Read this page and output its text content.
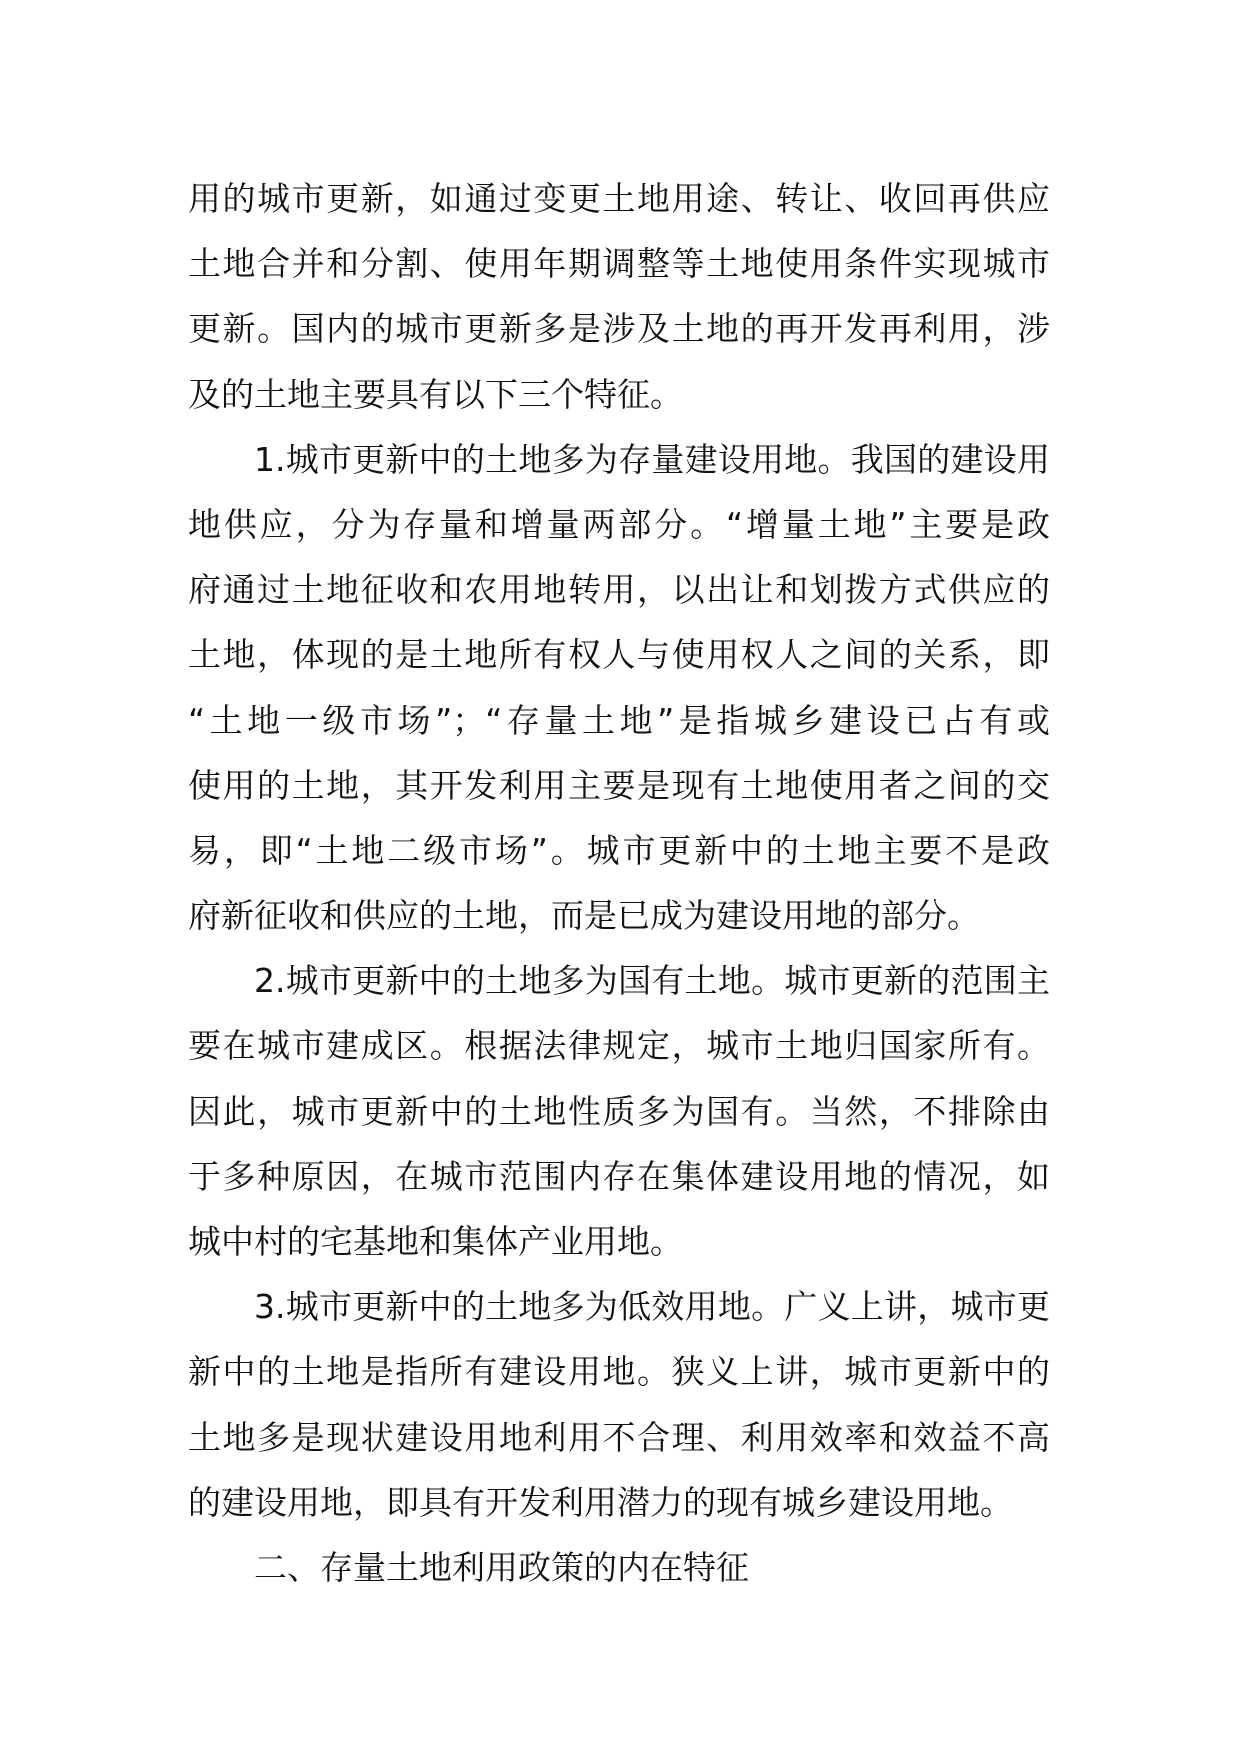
用的城市更新，如通过变更土地用途、转让、收回再供应
土地合并和分割、使用年期调整等土地使用条件实现城市
更新。国内的城市更新多是涉及土地的再开发再利用，涉
及的土地主要具有以下三个特征。
1.城市更新中的土地多为存量建设用地。我国的建设用
地供应，分为存量和增量两部分。“增量土地”主要是政
府通过土地征收和农用地转用，以出让和划拨方式供应的
土地，体现的是土地所有权人与使用权人之间的关系，即
“土地一级市场”；“存量土地”是指城乡建设已占有或
使用的土地，其开发利用主要是现有土地使用者之间的交
易，即“土地二级市场”。城市更新中的土地主要不是政
府新征收和供应的土地，而是已成为建设用地的部分。
2.城市更新中的土地多为国有土地。城市更新的范围主
要在城市建成区。根据法律规定，城市土地归国家所有。
因此，城市更新中的土地性质多为国有。当然，不排除由
于多种原因，在城市范围内存在集体建设用地的情况，如
城中村的宅基地和集体产业用地。
3.城市更新中的土地多为低效用地。广义上讲，城市更
新中的土地是指所有建设用地。狭义上讲，城市更新中的
土地多是现状建设用地利用不合理、利用效率和效益不高
的建设用地，即具有开发利用潜力的现有城乡建设用地。
二、存量土地利用政策的内在特征
